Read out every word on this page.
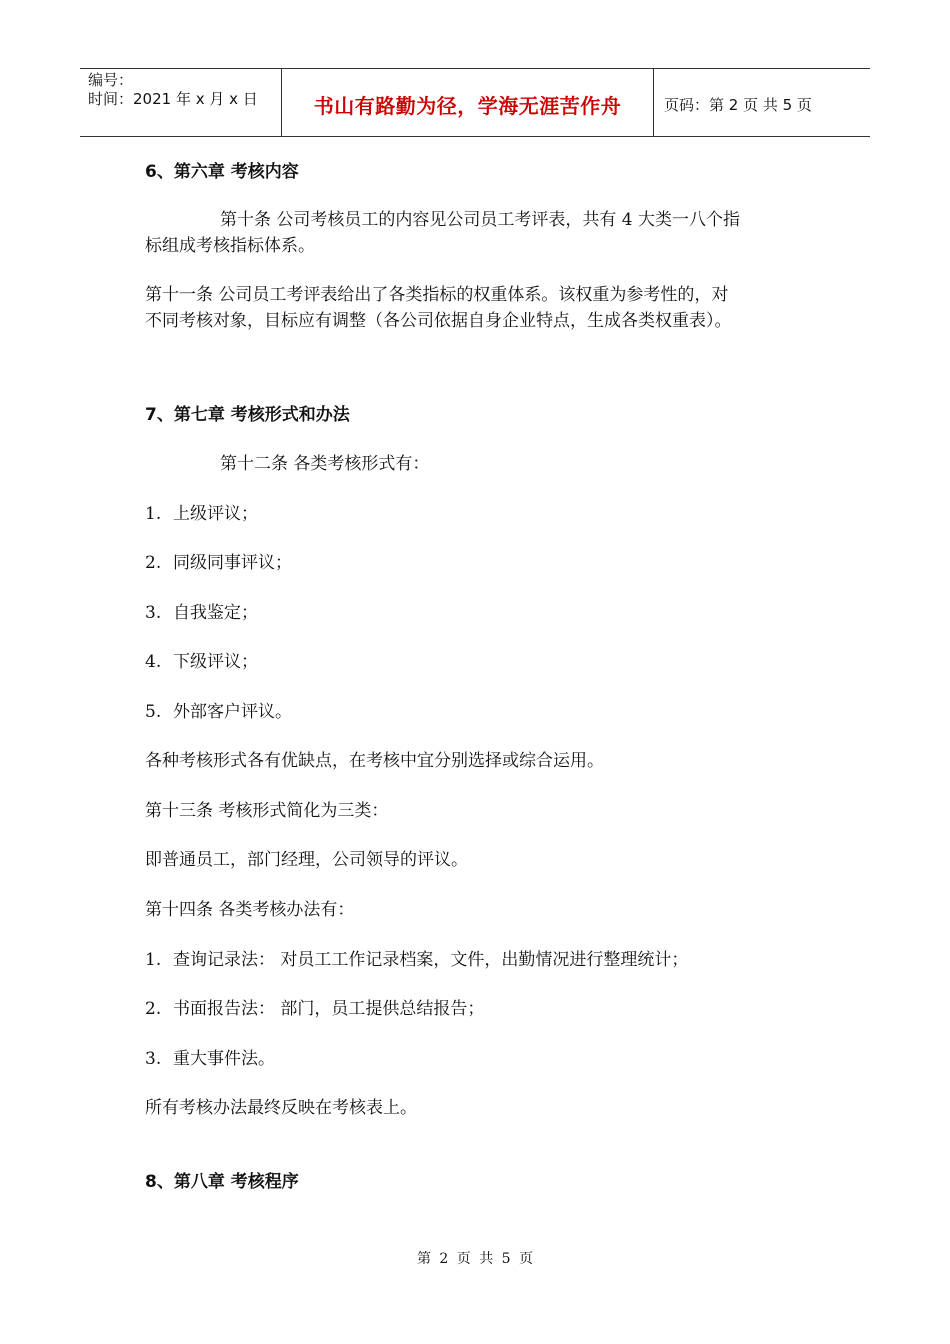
编号：
时间：2021 年 x 月 x 日	书山有路勤为径，学海无涯苦作舟	页码：第 2 页 共 5 页
6、第六章 考核内容
第十条 公司考核员工的内容见公司员工考评表，共有 4 大类一八个指
标组成考核指标体系。
第十一条 公司员工考评表给出了各类指标的权重体系。该权重为参考性的，对
不同考核对象，目标应有调整（各公司依据自身企业特点，生成各类权重表）。
7、第七章 考核形式和办法
第十二条 各类考核形式有：
1. 上级评议；
2. 同级同事评议；
3. 自我鉴定；
4. 下级评议；
5. 外部客户评议。
各种考核形式各有优缺点，在考核中宜分别选择或综合运用。
第十三条 考核形式简化为三类：
即普通员工，部门经理，公司领导的评议。
第十四条 各类考核办法有：
1. 查询记录法： 对员工工作记录档案，文件，出勤情况进行整理统计；
2. 书面报告法： 部门，员工提供总结报告；
3. 重大事件法。
所有考核办法最终反映在考核表上。
8、第八章 考核程序
第 2 页 共 5 页
